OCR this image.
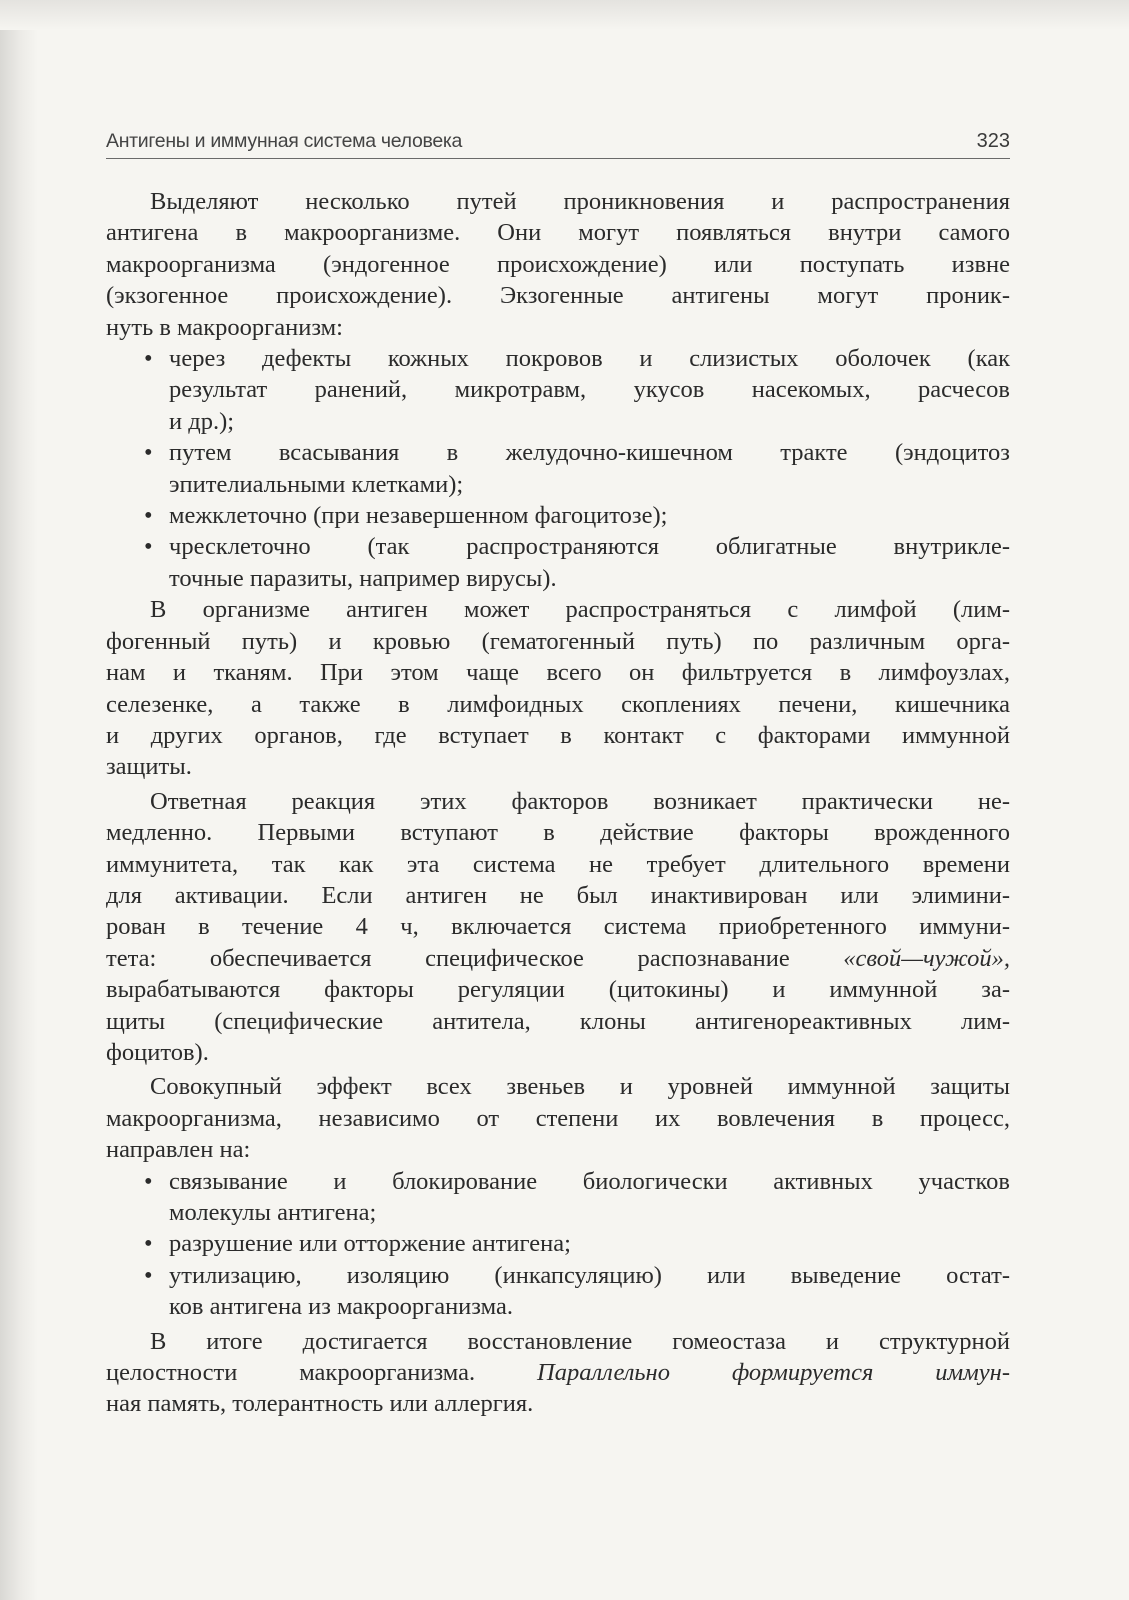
Антигены и иммунная система человека	323
Выделяют несколько путей проникновения и распространения
антигена в макроорганизме. Они могут появляться внутри самого
макроорганизма (эндогенное происхождение) или поступать извне
(экзогенное происхождение). Экзогенные антигены могут проник-
нуть в макроорганизм:
• через дефекты кожных покровов и слизистых оболочек (как
результат ранений, микротравм, укусов насекомых, расчесов
и др.);
• путем всасывания в желудочно-кишечном тракте (эндоцитоз
эпителиальными клетками);
• межклеточно (при незавершенном фагоцитозе);
• чресклеточно (так распространяются облигатные внутрикле-
точные паразиты, например вирусы).
В организме антиген может распространяться с лимфой (лим-
фогенный путь) и кровью (гематогенный путь) по различным орга-
нам и тканям. При этом чаще всего он фильтруется в лимфоузлах,
селезенке, а также в лимфоидных скоплениях печени, кишечника
и других органов, где вступает в контакт с факторами иммунной
защиты.
Ответная реакция этих факторов возникает практически не-
медленно. Первыми вступают в действие факторы врожденного
иммунитета, так как эта система не требует длительного времени
для активации. Если антиген не был инактивирован или элимини-
рован в течение 4 ч, включается система приобретенного иммуни-
тета: обеспечивается специфическое распознавание «свой—чужой»,
вырабатываются факторы регуляции (цитокины) и иммунной за-
щиты (специфические антитела, клоны антигенореактивных лим-
фоцитов).
Совокупный эффект всех звеньев и уровней иммунной защиты
макроорганизма, независимо от степени их вовлечения в процесс,
направлен на:
• связывание и блокирование биологически активных участков
молекулы антигена;
• разрушение или отторжение антигена;
• утилизацию, изоляцию (инкапсуляцию) или выведение остат-
ков антигена из макроорганизма.
В итоге достигается восстановление гомеостаза и структурной
целостности макроорганизма. Параллельно формируется иммун-
ная память, толерантность или аллергия.
